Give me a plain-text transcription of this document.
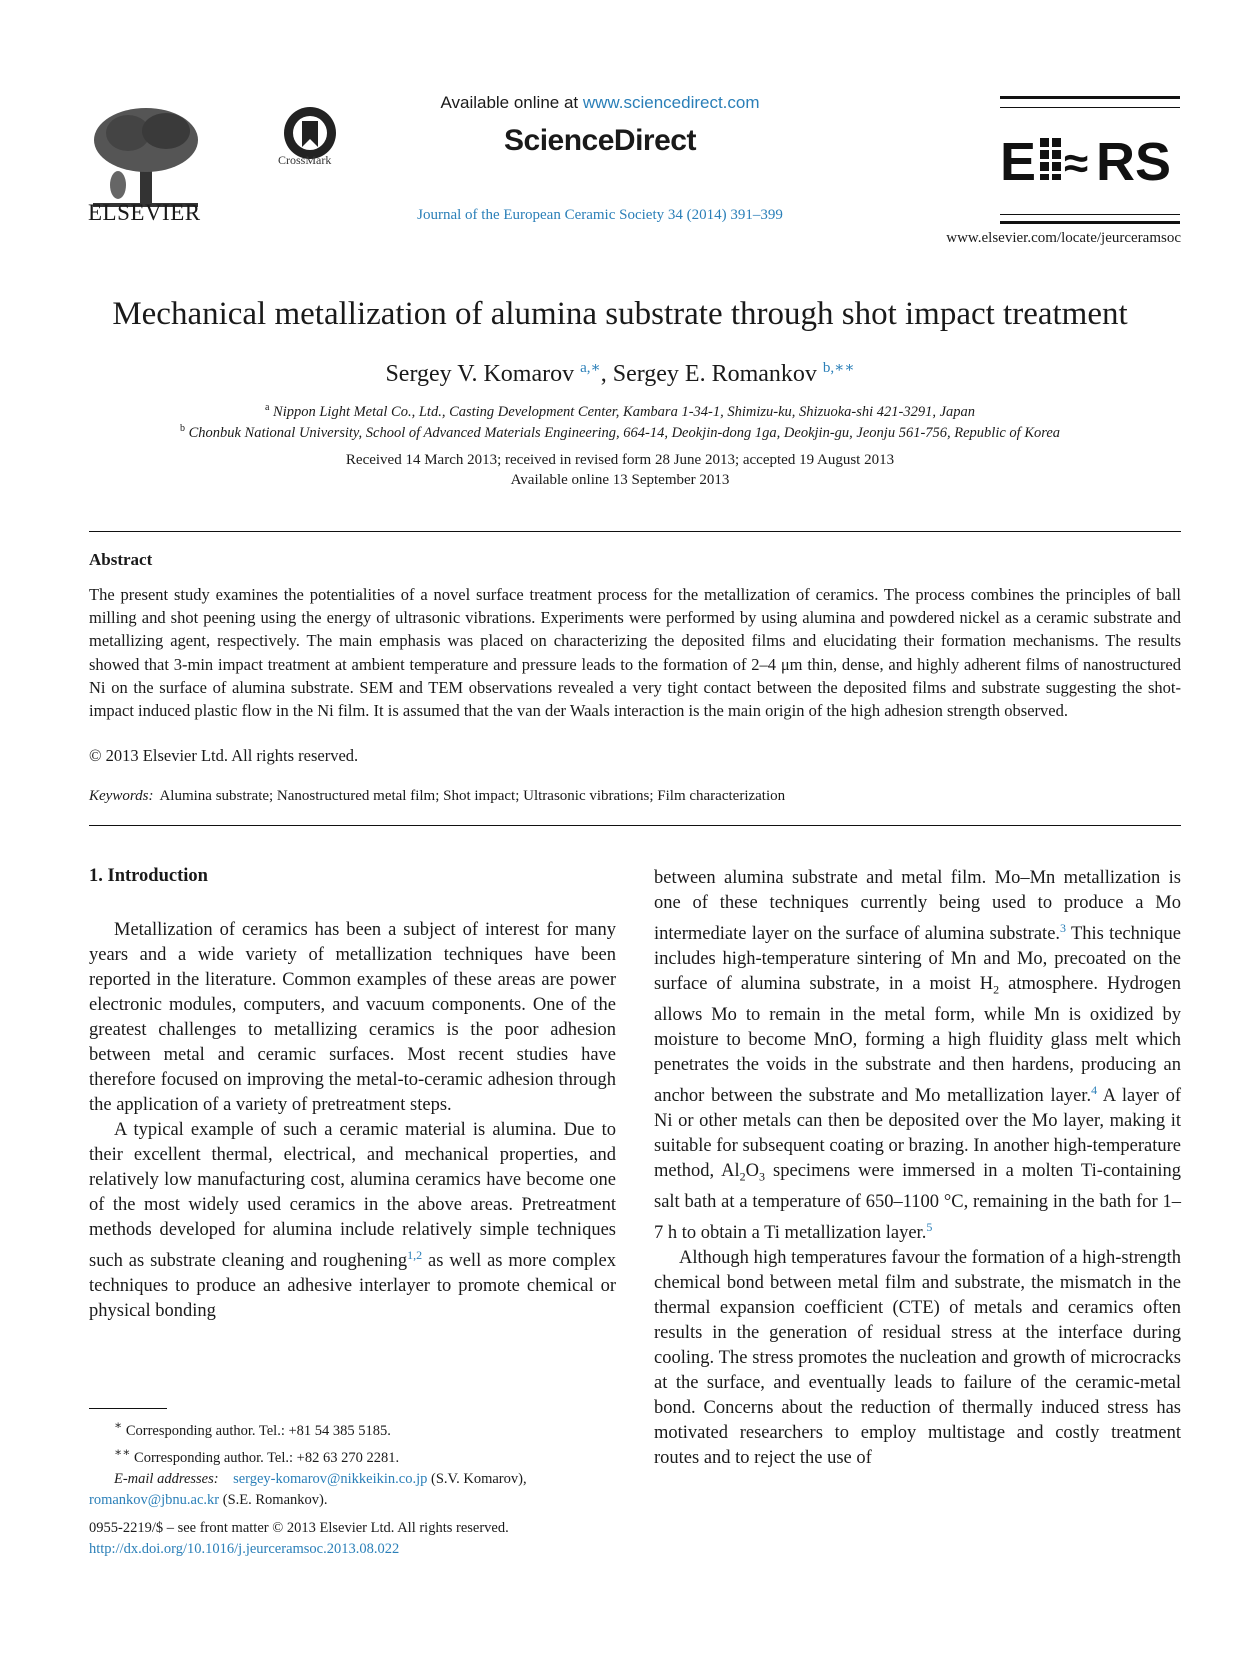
ELSEVIER
CrossMark
Available online at www.sciencedirect.com
ScienceDirect
Journal of the European Ceramic Society 34 (2014) 391–399
E ≈ RS
www.elsevier.com/locate/jeurceramsoc
Mechanical metallization of alumina substrate through shot impact treatment
Sergey V. Komarov $^{a,∗}$, Sergey E. Romankov $^{b,∗∗}$
$^a$ Nippon Light Metal Co., Ltd., Casting Development Center, Kambara 1-34-1, Shimizu-ku, Shizuoka-shi 421-3291, Japan
$^b$ Chonbuk National University, School of Advanced Materials Engineering, 664-14, Deokjin-dong 1ga, Deokjin-gu, Jeonju 561-756, Republic of Korea
Received 14 March 2013; received in revised form 28 June 2013; accepted 19 August 2013
Available online 13 September 2013
Abstract
The present study examines the potentialities of a novel surface treatment process for the metallization of ceramics. The process combines the principles of ball milling and shot peening using the energy of ultrasonic vibrations. Experiments were performed by using alumina and powdered nickel as a ceramic substrate and metallizing agent, respectively. The main emphasis was placed on characterizing the deposited films and elucidating their formation mechanisms. The results showed that 3-min impact treatment at ambient temperature and pressure leads to the formation of 2–4 μm thin, dense, and highly adherent films of nanostructured Ni on the surface of alumina substrate. SEM and TEM observations revealed a very tight contact between the deposited films and substrate suggesting the shot-impact induced plastic flow in the Ni film. It is assumed that the van der Waals interaction is the main origin of the high adhesion strength observed.
© 2013 Elsevier Ltd. All rights reserved.
Keywords: Alumina substrate; Nanostructured metal film; Shot impact; Ultrasonic vibrations; Film characterization
1. Introduction

Metallization of ceramics has been a subject of interest for many years and a wide variety of metallization techniques have been reported in the literature. Common examples of these areas are power electronic modules, computers, and vacuum components. One of the greatest challenges to metallizing ceramics is the poor adhesion between metal and ceramic surfaces. Most recent studies have therefore focused on improving the metal-to-ceramic adhesion through the application of a variety of pretreatment steps.

A typical example of such a ceramic material is alumina. Due to their excellent thermal, electrical, and mechanical properties, and relatively low manufacturing cost, alumina ceramics have become one of the most widely used ceramics in the above areas. Pretreatment methods developed for alumina include relatively simple techniques such as substrate cleaning and roughening$^{1,2}$ as well as more complex techniques to produce an adhesive interlayer to promote chemical or physical bonding

between alumina substrate and metal film. Mo–Mn metallization is one of these techniques currently being used to produce a Mo intermediate layer on the surface of alumina substrate.$^3$ This technique includes high-temperature sintering of Mn and Mo, precoated on the surface of alumina substrate, in a moist $H_2$ atmosphere. Hydrogen allows Mo to remain in the metal form, while Mn is oxidized by moisture to become MnO, forming a high fluidity glass melt which penetrates the voids in the substrate and then hardens, producing an anchor between the substrate and Mo metallization layer.$^4$ A layer of Ni or other metals can then be deposited over the Mo layer, making it suitable for subsequent coating or brazing. In another high-temperature method, $Al_2O_3$ specimens were immersed in a molten Ti-containing salt bath at a temperature of 650–1100 °C, remaining in the bath for 1–7 h to obtain a Ti metallization layer.$^5$

Although high temperatures favour the formation of a high-strength chemical bond between metal film and substrate, the mismatch in the thermal expansion coefficient (CTE) of metals and ceramics often results in the generation of residual stress at the interface during cooling. The stress promotes the nucleation and growth of microcracks at the surface, and eventually leads to failure of the ceramic-metal bond. Concerns about the reduction of thermally induced stress has motivated researchers to employ multistage and costly treatment routes and to reject the use of

∗ Corresponding author. Tel.: +81 54 385 5185.

∗∗ Corresponding author. Tel.: +82 63 270 2281.

E-mail addresses: sergey-komarov@nikkeikin.co.jp (S.V. Komarov),

romankov@jbnu.ac.kr (S.E. Romankov).

0955-2219/$ – see front matter © 2013 Elsevier Ltd. All rights reserved.
http://dx.doi.org/10.1016/j.jeurceramsoc.2013.08.022
